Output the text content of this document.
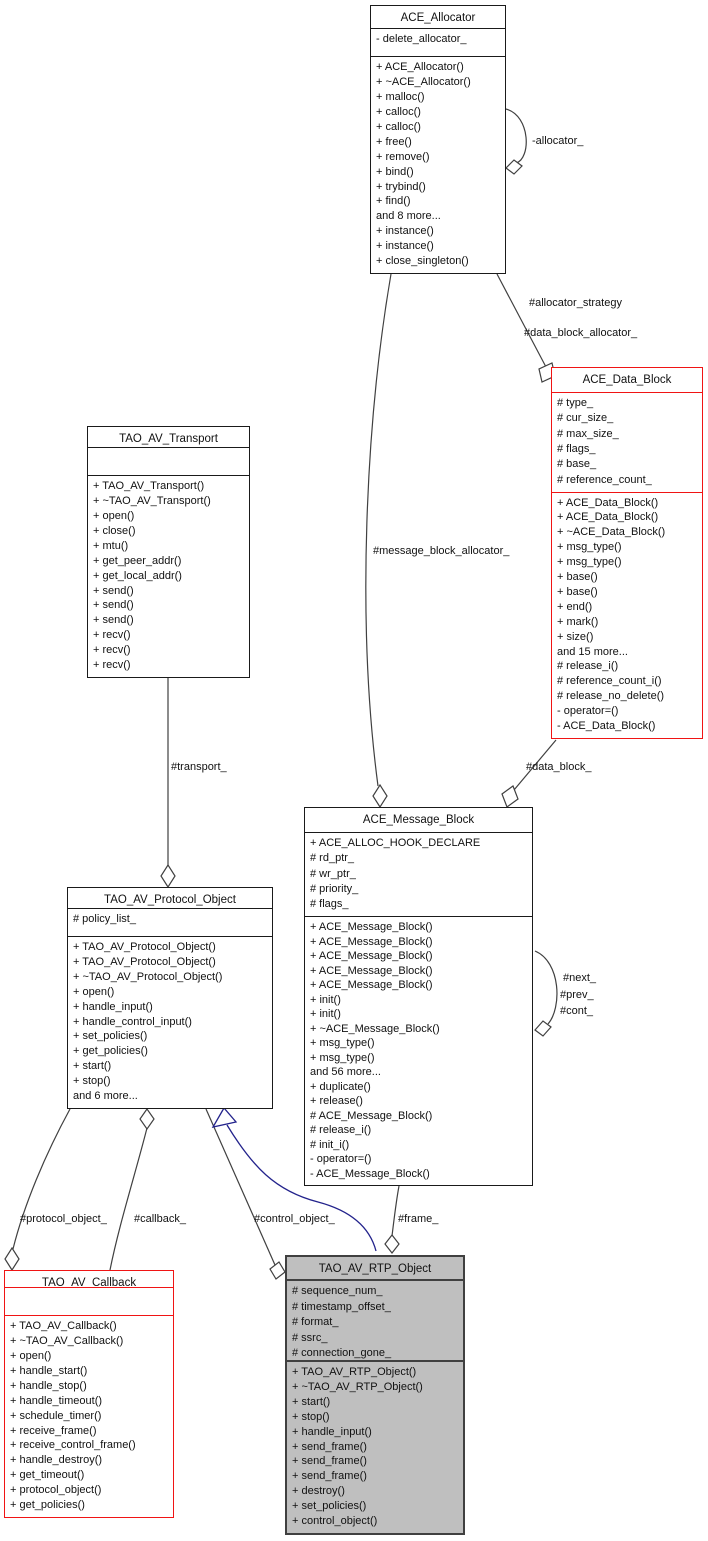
ACE_Allocator
- delete_allocator_
+ ACE_Allocator()
+ ~ACE_Allocator()
+ malloc()
+ calloc()
+ calloc()
+ free()
+ remove()
+ bind()
+ trybind()
+ find()
and 8 more...
+ instance()
+ instance()
+ close_singleton()
ACE_Data_Block
# type_
# cur_size_
# max_size_
# flags_
# base_
# reference_count_
+ ACE_Data_Block()
+ ACE_Data_Block()
+ ~ACE_Data_Block()
+ msg_type()
+ msg_type()
+ base()
+ base()
+ end()
+ mark()
+ size()
and 15 more...
# release_i()
# reference_count_i()
# release_no_delete()
- operator=()
- ACE_Data_Block()
TAO_AV_Transport
+ TAO_AV_Transport()
+ ~TAO_AV_Transport()
+ open()
+ close()
+ mtu()
+ get_peer_addr()
+ get_local_addr()
+ send()
+ send()
+ send()
+ recv()
+ recv()
+ recv()
ACE_Message_Block
+ ACE_ALLOC_HOOK_DECLARE
# rd_ptr_
# wr_ptr_
# priority_
# flags_
+ ACE_Message_Block()
+ ACE_Message_Block()
+ ACE_Message_Block()
+ ACE_Message_Block()
+ ACE_Message_Block()
+ init()
+ init()
+ ~ACE_Message_Block()
+ msg_type()
+ msg_type()
and 56 more...
+ duplicate()
+ release()
# ACE_Message_Block()
# release_i()
# init_i()
- operator=()
- ACE_Message_Block()
TAO_AV_Protocol_Object
# policy_list_
+ TAO_AV_Protocol_Object()
+ TAO_AV_Protocol_Object()
+ ~TAO_AV_Protocol_Object()
+ open()
+ handle_input()
+ handle_control_input()
+ set_policies()
+ get_policies()
+ start()
+ stop()
and 6 more...
TAO_AV_Callback
+ TAO_AV_Callback()
+ ~TAO_AV_Callback()
+ open()
+ handle_start()
+ handle_stop()
+ handle_timeout()
+ schedule_timer()
+ receive_frame()
+ receive_control_frame()
+ handle_destroy()
+ get_timeout()
+ protocol_object()
+ get_policies()
TAO_AV_RTP_Object
# sequence_num_
# timestamp_offset_
# format_
# ssrc_
# connection_gone_
+ TAO_AV_RTP_Object()
+ ~TAO_AV_RTP_Object()
+ start()
+ stop()
+ handle_input()
+ send_frame()
+ send_frame()
+ send_frame()
+ destroy()
+ set_policies()
+ control_object()
-allocator_
#allocator_strategy
#data_block_allocator_
#message_block_allocator_
#transport_	#data_block_
#next_
#prev_
#cont_
#protocol_object_ #callback_	#control_object_	#frame_
